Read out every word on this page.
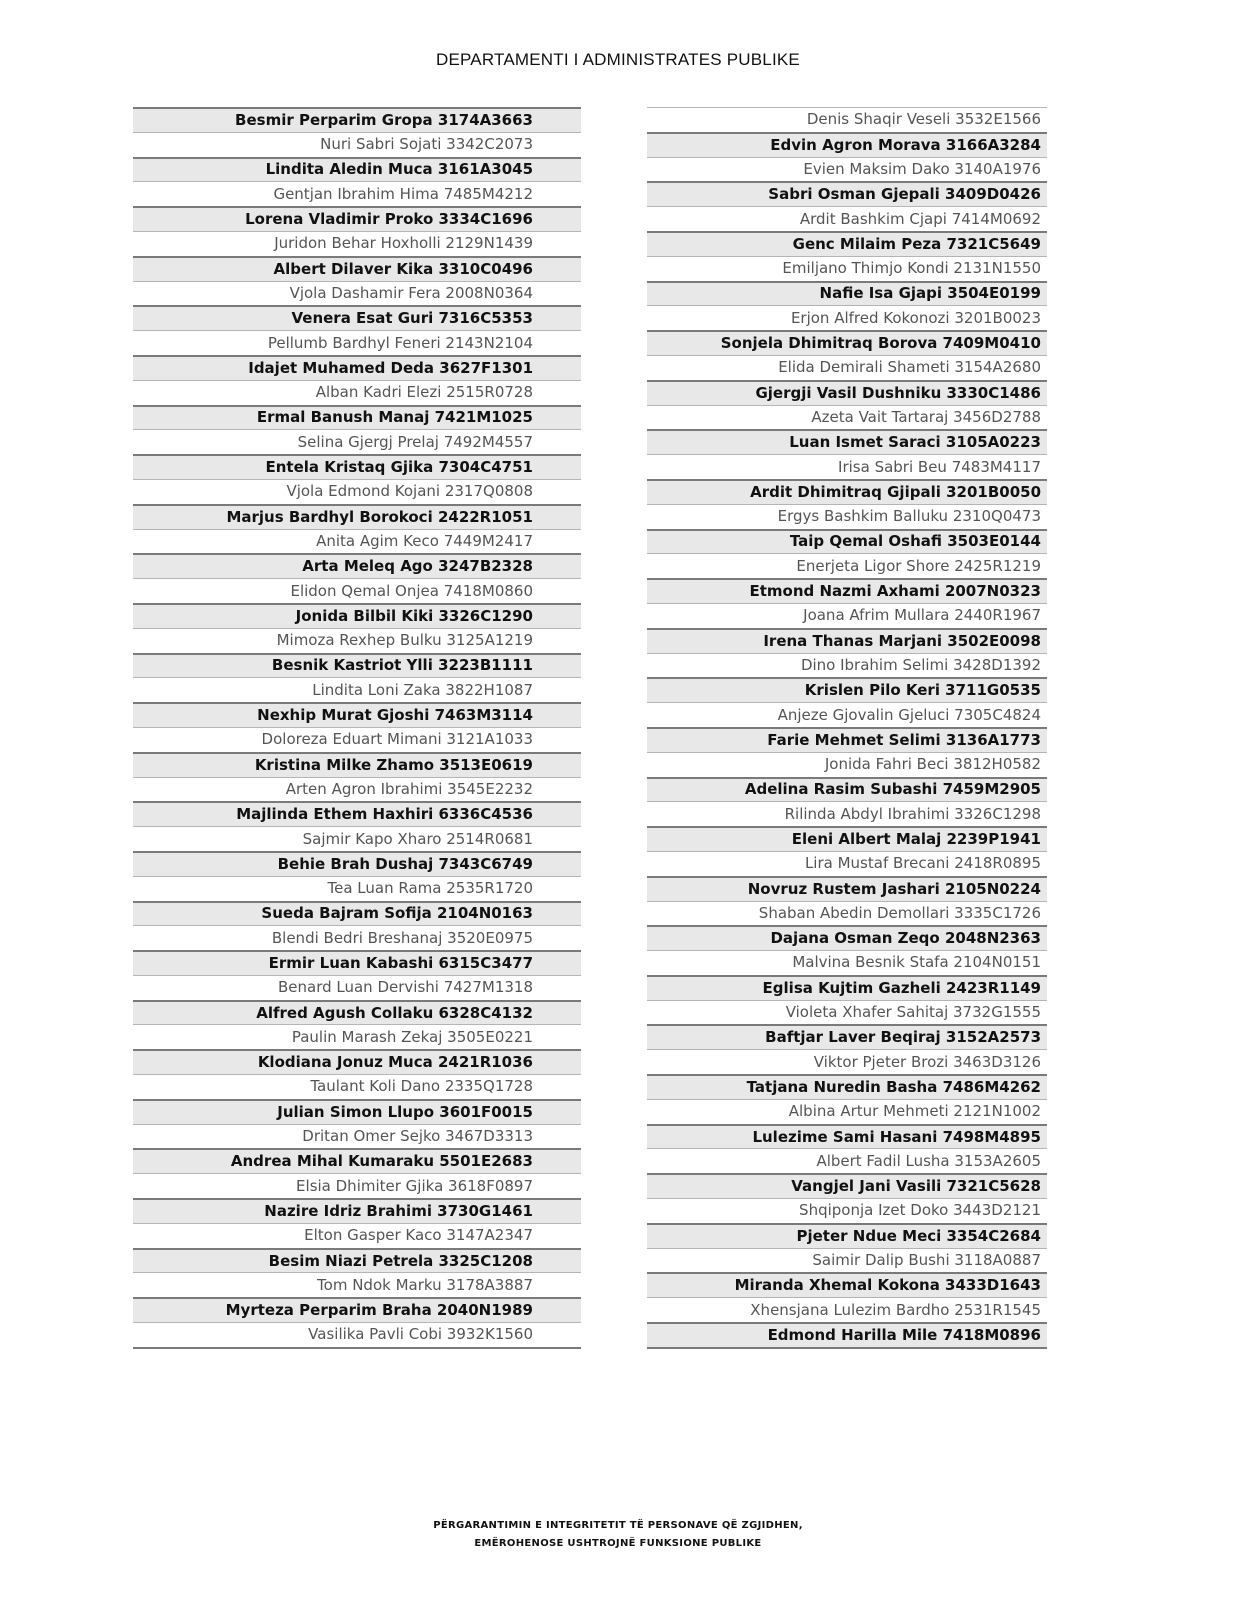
DEPARTAMENTI I ADMINISTRATES PUBLIKE
Besmir Perparim Gropa 3174A3663
Nuri Sabri Sojati 3342C2073
Lindita Aledin Muca 3161A3045
Gentjan Ibrahim Hima 7485M4212
Lorena Vladimir Proko 3334C1696
Juridon Behar Hoxholli 2129N1439
Albert Dilaver Kika 3310C0496
Vjola Dashamir Fera 2008N0364
Venera Esat Guri 7316C5353
Pellumb Bardhyl Feneri 2143N2104
Idajet Muhamed Deda 3627F1301
Alban Kadri Elezi 2515R0728
Ermal Banush Manaj 7421M1025
Selina Gjergj Prelaj 7492M4557
Entela Kristaq Gjika 7304C4751
Vjola Edmond Kojani 2317Q0808
Marjus Bardhyl Borokoci 2422R1051
Anita Agim Keco 7449M2417
Arta Meleq Ago 3247B2328
Elidon Qemal Onjea 7418M0860
Jonida Bilbil Kiki 3326C1290
Mimoza Rexhep Bulku 3125A1219
Besnik Kastriot Ylli 3223B1111
Lindita Loni Zaka 3822H1087
Nexhip Murat Gjoshi 7463M3114
Doloreza Eduart Mimani 3121A1033
Kristina Milke Zhamo 3513E0619
Arten Agron Ibrahimi 3545E2232
Majlinda Ethem Haxhiri 6336C4536
Sajmir Kapo Xharo 2514R0681
Behie Brah Dushaj 7343C6749
Tea Luan Rama 2535R1720
Sueda Bajram Sofija 2104N0163
Blendi Bedri Breshanaj 3520E0975
Ermir Luan Kabashi 6315C3477
Benard Luan Dervishi 7427M1318
Alfred Agush Collaku 6328C4132
Paulin Marash Zekaj 3505E0221
Klodiana Jonuz Muca 2421R1036
Taulant Koli Dano 2335Q1728
Julian Simon Llupo 3601F0015
Dritan Omer Sejko 3467D3313
Andrea Mihal Kumaraku 5501E2683
Elsia Dhimiter Gjika 3618F0897
Nazire Idriz Brahimi 3730G1461
Elton Gasper Kaco 3147A2347
Besim Niazi Petrela 3325C1208
Tom Ndok Marku 3178A3887
Myrteza Perparim Braha 2040N1989
Vasilika Pavli Cobi 3932K1560
Denis Shaqir Veseli 3532E1566
Edvin Agron Morava 3166A3284
Evien Maksim Dako 3140A1976
Sabri Osman Gjepali 3409D0426
Ardit Bashkim Cjapi 7414M0692
Genc Milaim Peza 7321C5649
Emiljano Thimjo Kondi 2131N1550
Nafie Isa Gjapi 3504E0199
Erjon Alfred Kokonozi 3201B0023
Sonjela Dhimitraq Borova 7409M0410
Elida Demirali Shameti 3154A2680
Gjergji Vasil Dushniku 3330C1486
Azeta Vait Tartaraj 3456D2788
Luan Ismet Saraci 3105A0223
Irisa Sabri Beu 7483M4117
Ardit Dhimitraq Gjipali 3201B0050
Ergys Bashkim Balluku 2310Q0473
Taip Qemal Oshafi 3503E0144
Enerjeta Ligor Shore 2425R1219
Etmond Nazmi Axhami 2007N0323
Joana Afrim Mullara 2440R1967
Irena Thanas Marjani 3502E0098
Dino Ibrahim Selimi 3428D1392
Krislen Pilo Keri 3711G0535
Anjeze Gjovalin Gjeluci 7305C4824
Farie Mehmet Selimi 3136A1773
Jonida Fahri Beci 3812H0582
Adelina Rasim Subashi 7459M2905
Rilinda Abdyl Ibrahimi 3326C1298
Eleni Albert Malaj 2239P1941
Lira Mustaf Brecani 2418R0895
Novruz Rustem Jashari 2105N0224
Shaban Abedin Demollari 3335C1726
Dajana Osman Zeqo 2048N2363
Malvina Besnik Stafa 2104N0151
Eglisa Kujtim Gazheli 2423R1149
Violeta Xhafer Sahitaj 3732G1555
Baftjar Laver Beqiraj 3152A2573
Viktor Pjeter Brozi 3463D3126
Tatjana Nuredin Basha 7486M4262
Albina Artur Mehmeti 2121N1002
Lulezime Sami Hasani 7498M4895
Albert Fadil Lusha 3153A2605
Vangjel Jani Vasili 7321C5628
Shqiponja Izet Doko 3443D2121
Pjeter Ndue Meci 3354C2684
Saimir Dalip Bushi 3118A0887
Miranda Xhemal Kokona 3433D1643
Xhensjana Lulezim Bardho 2531R1545
Edmond Harilla Mile 7418M0896
PËRGARANTIMIN E INTEGRITETIT TË PERSONAVE QË ZGJIDHEN,
EMËROHENOSE USHTROJNË FUNKSIONE PUBLIKE
